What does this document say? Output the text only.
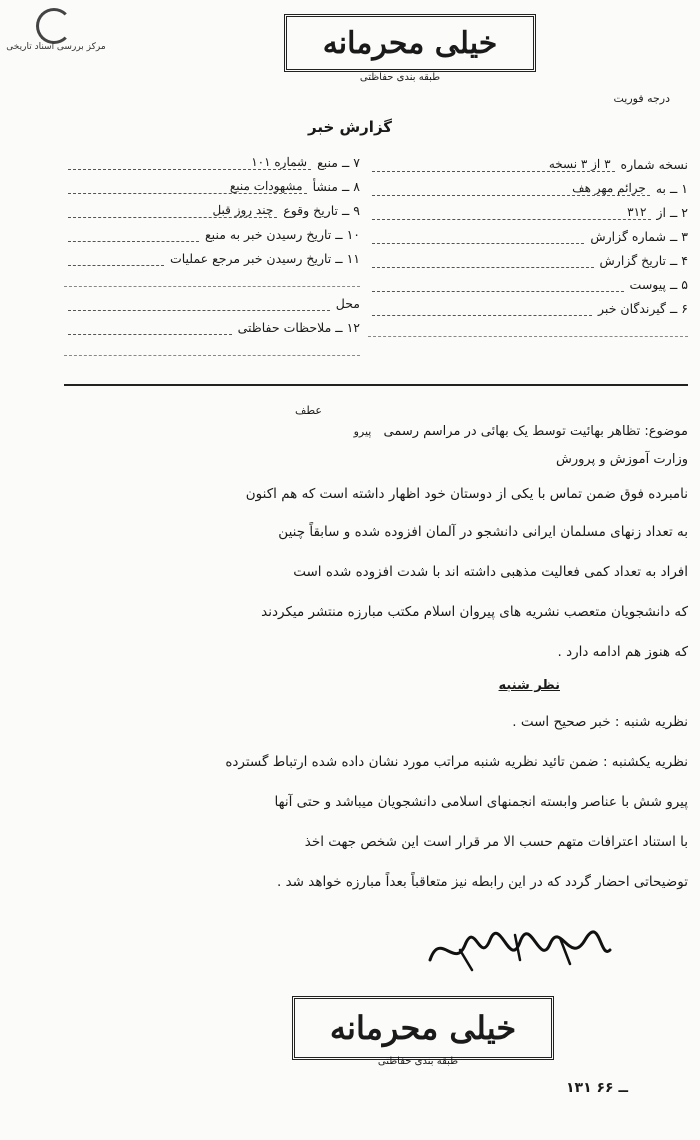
مرکز بررسی اسناد تاریخی	خیلی محرمانه
طبقه بندی حفاظتی
درجه فوریت
گزارش خبر
نسخه شماره
۳ از ۳ نسخه
۱ ــ به
جرائم مهر هف
۲ ــ از
۳۱۲
۳ ــ شماره گزارش
۴ ــ تاریخ گزارش
۵ ــ پیوست
۶ ــ گیرندگان خبر
۷ ــ منبع
شماره ۱۰۱
۸ ــ منشأ
مشهودات منبع
۹ ــ تاریخ وقوع
چند روز قبل
۱۰ ــ تاریخ رسیدن خبر به منبع
۱۱ ــ تاریخ رسیدن خبر مرجع عملیات
محل
۱۲ ــ ملاحظات حفاظتی
عطف
موضوع: تظاهر بهائیت توسط یک بهائی در مراسم رسمی پیرو
وزارت آموزش و پرورش
نامبرده فوق ضمن تماس با یکی از دوستان خود اظهار داشته است که هم اکنون
به تعداد زنهای مسلمان ایرانی دانشجو در آلمان افزوده شده و سابقاً چنین
افراد به تعداد کمی فعالیت مذهبی داشته اند با شدت افزوده شده است
که دانشجویان متعصب نشریه های پیروان اسلام مکتب مبارزه منتشر میکردند
که هنوز هم ادامه دارد .
نظر شنبه
نظریه شنبه : خبر صحیح است .
نظریه یکشنبه : ضمن تائید نظریه شنبه مراتب مورد نشان داده شده ارتباط گسترده
پیرو شش با عناصر وابسته انجمنهای اسلامی دانشجویان میباشد و حتی آنها
با استناد اعترافات متهم حسب الا مر قرار است این شخص جهت اخذ
توضیحاتی احضار گردد که در این رابطه نیز متعاقباً بعداً مبارزه خواهد شد .
خیلی محرمانه
طبقه بندی حفاظتی
۱۳۱ ــ ۶۶
